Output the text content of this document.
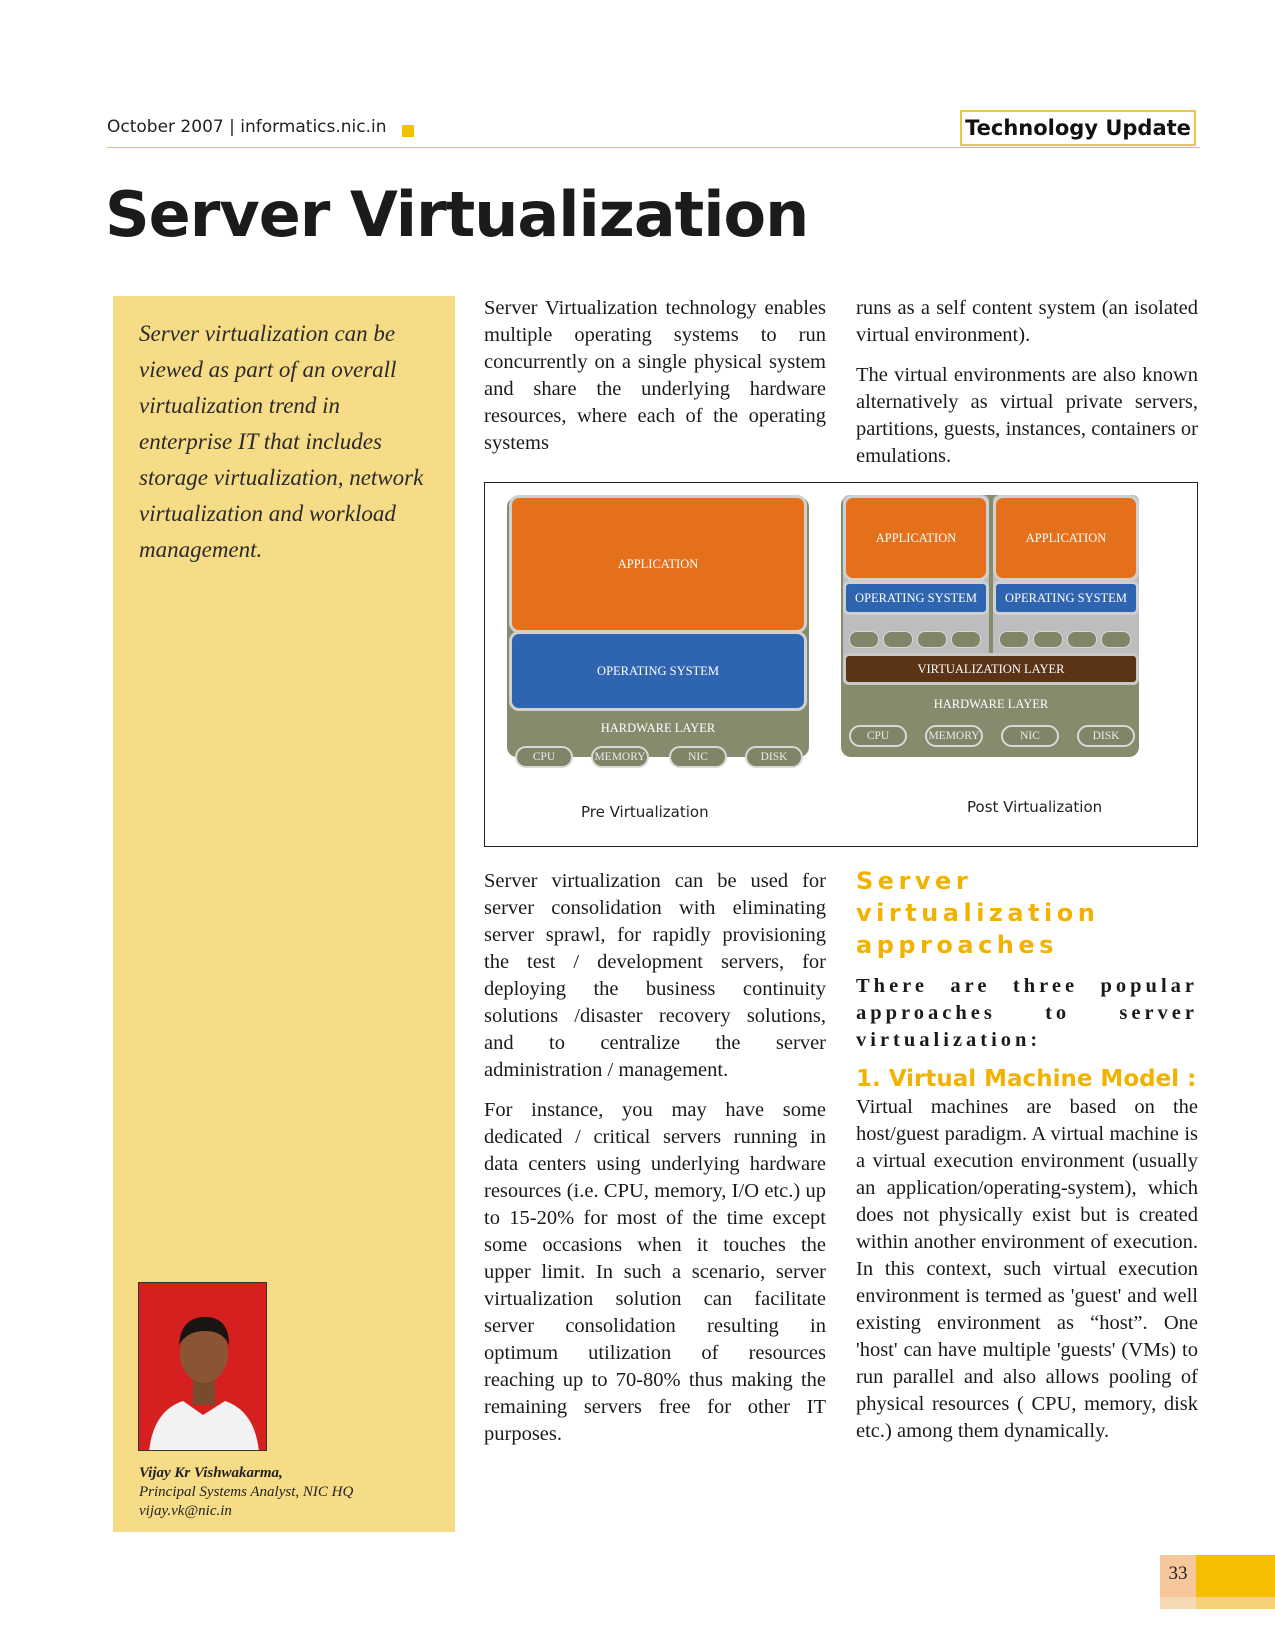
October 2007 | informatics.nic.in	Technology Update
Server Virtualization

Server virtualization can be viewed as part of an overall virtualization trend in enterprise IT that includes storage virtualization, network virtualization and workload management.

Vijay Kr Vishwakarma,
Principal Systems Analyst, NIC HQ
vijay.vk@nic.in

Server Virtualization technology enables multiple operating systems to run concurrently on a single physical system and share the underlying hardware resources, where each of the operating systems

runs as a self content system (an isolated virtual environment).

The virtual environments are also known alternatively as virtual private servers, partitions, guests, instances, containers or emulations.

APPLICATION
OPERATING SYSTEM
HARDWARE LAYER
CPU	MEMORY	NIC	DISK
Pre Virtualization
APPLICATION	APPLICATION
OPERATING SYSTEM OPERATING SYSTEM
VIRTUALIZATION LAYER
HARDWARE LAYER
CPU	MEMORY	NIC	DISK
Post Virtualization

Server virtualization can be used for server consolidation with eliminating server sprawl, for rapidly provisioning the test / development servers, for deploying the business continuity solutions /disaster recovery solutions, and to centralize the server administration / management.

For instance, you may have some dedicated / critical servers running in data centers using underlying hardware resources (i.e. CPU, memory, I/O etc.) up to 15-20% for most of the time except some occasions when it touches the upper limit. In such a scenario, server virtualization solution can facilitate server consolidation resulting in optimum utilization of resources reaching up to 70-80% thus making the remaining servers free for other IT purposes.

Server virtualization approaches

There are three popular approaches to server virtualization:

1. Virtual Machine Model :

Virtual machines are based on the host/guest paradigm. A virtual machine is a virtual execution environment (usually an application/operating-system), which does not physically exist but is created within another environment of execution. In this context, such virtual execution environment is termed as 'guest' and well existing environment as “host”. One 'host' can have multiple 'guests' (VMs) to run parallel and also allows pooling of physical resources ( CPU, memory, disk etc.) among them dynamically.

33
